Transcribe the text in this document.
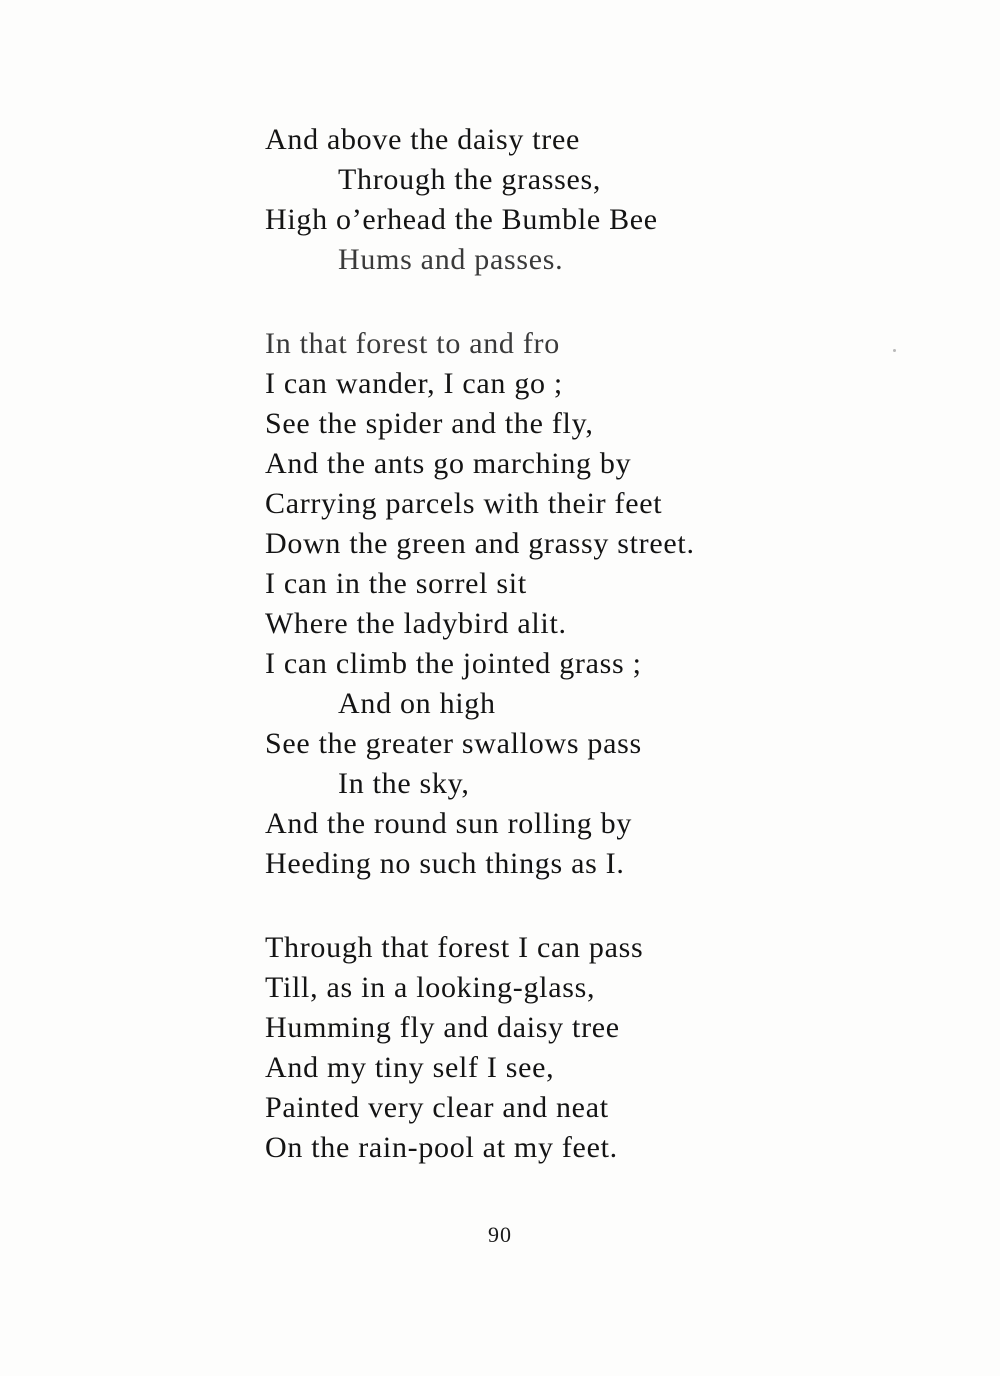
And above the daisy tree
Through the grasses,
High o’erhead the Bumble Bee
Hums and passes.
In that forest to and fro
I can wander, I can go ;
See the spider and the fly,
And the ants go marching by
Carrying parcels with their feet
Down the green and grassy street.
I can in the sorrel sit
Where the ladybird alit.
I can climb the jointed grass ;
And on high
See the greater swallows pass
In the sky,
And the round sun rolling by
Heeding no such things as I.
Through that forest I can pass
Till, as in a looking-glass,
Humming fly and daisy tree
And my tiny self I see,
Painted very clear and neat
On the rain-pool at my feet.
90
